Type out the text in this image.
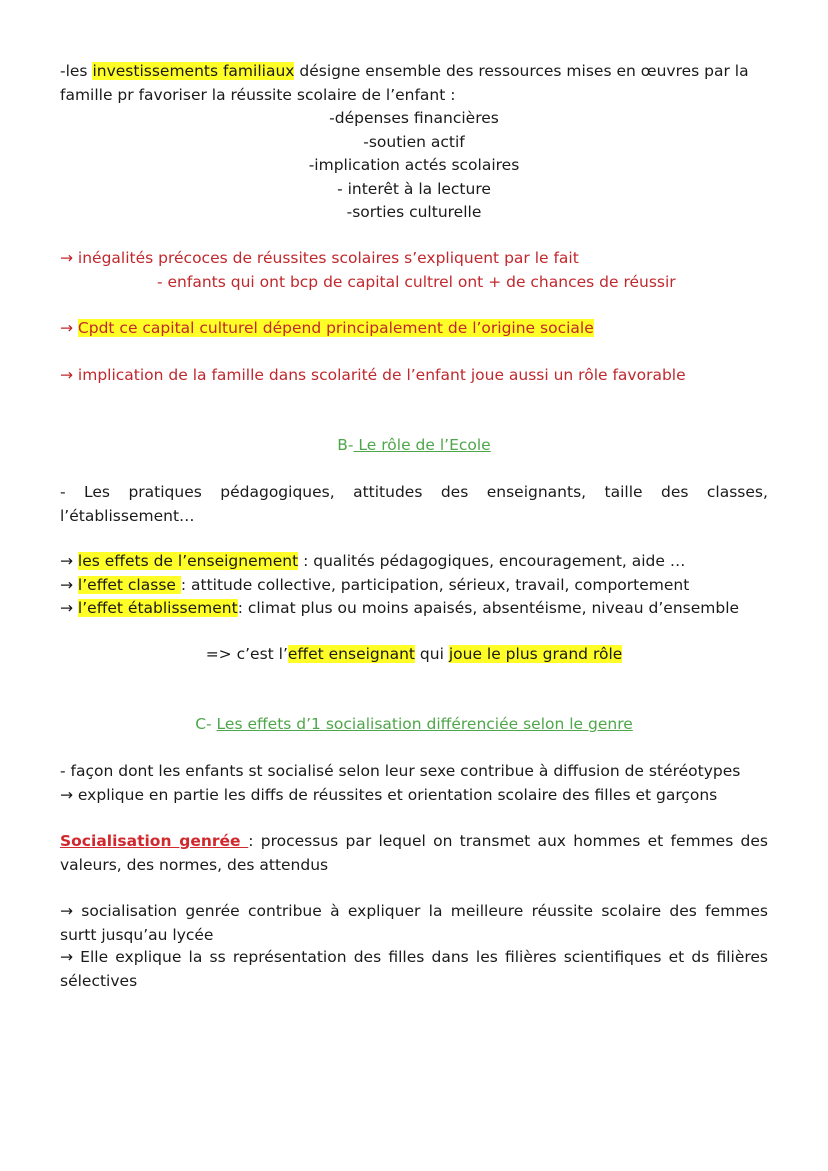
-les investissements familiaux désigne ensemble des ressources mises en œuvres par la
famille pr favoriser la réussite scolaire de l’enfant :
-dépenses financières
-soutien actif
-implication actés scolaires
- interêt à la lecture
-sorties culturelle
→ inégalités précoces de réussites scolaires s’expliquent par le fait
- enfants qui ont bcp de capital cultrel ont + de chances de réussir
→ Cpdt ce capital culturel dépend principalement de l’origine sociale
→ implication de la famille dans scolarité de l’enfant joue aussi un rôle favorable
B- Le rôle de l’Ecole
- Les pratiques pédagogiques, attitudes des enseignants, taille des classes,
l’établissement…
→ les effets de l’enseignement : qualités pédagogiques, encouragement, aide …
→ l’effet classe : attitude collective, participation, sérieux, travail, comportement
→ l’effet établissement: climat plus ou moins apaisés, absentéisme, niveau d’ensemble
=> c’est l’effet enseignant qui joue le plus grand rôle
C- Les effets d’1 socialisation différenciée selon le genre
- façon dont les enfants st socialisé selon leur sexe contribue à diffusion de stéréotypes
→ explique en partie les diffs de réussites et orientation scolaire des filles et garçons
Socialisation genrée : processus par lequel on transmet aux hommes et femmes des valeurs, des normes, des attendus
→ socialisation genrée contribue à expliquer la meilleure réussite scolaire des femmes surtt jusqu’au lycée
→ Elle explique la ss représentation des filles dans les filières scientifiques et ds filières sélectives
